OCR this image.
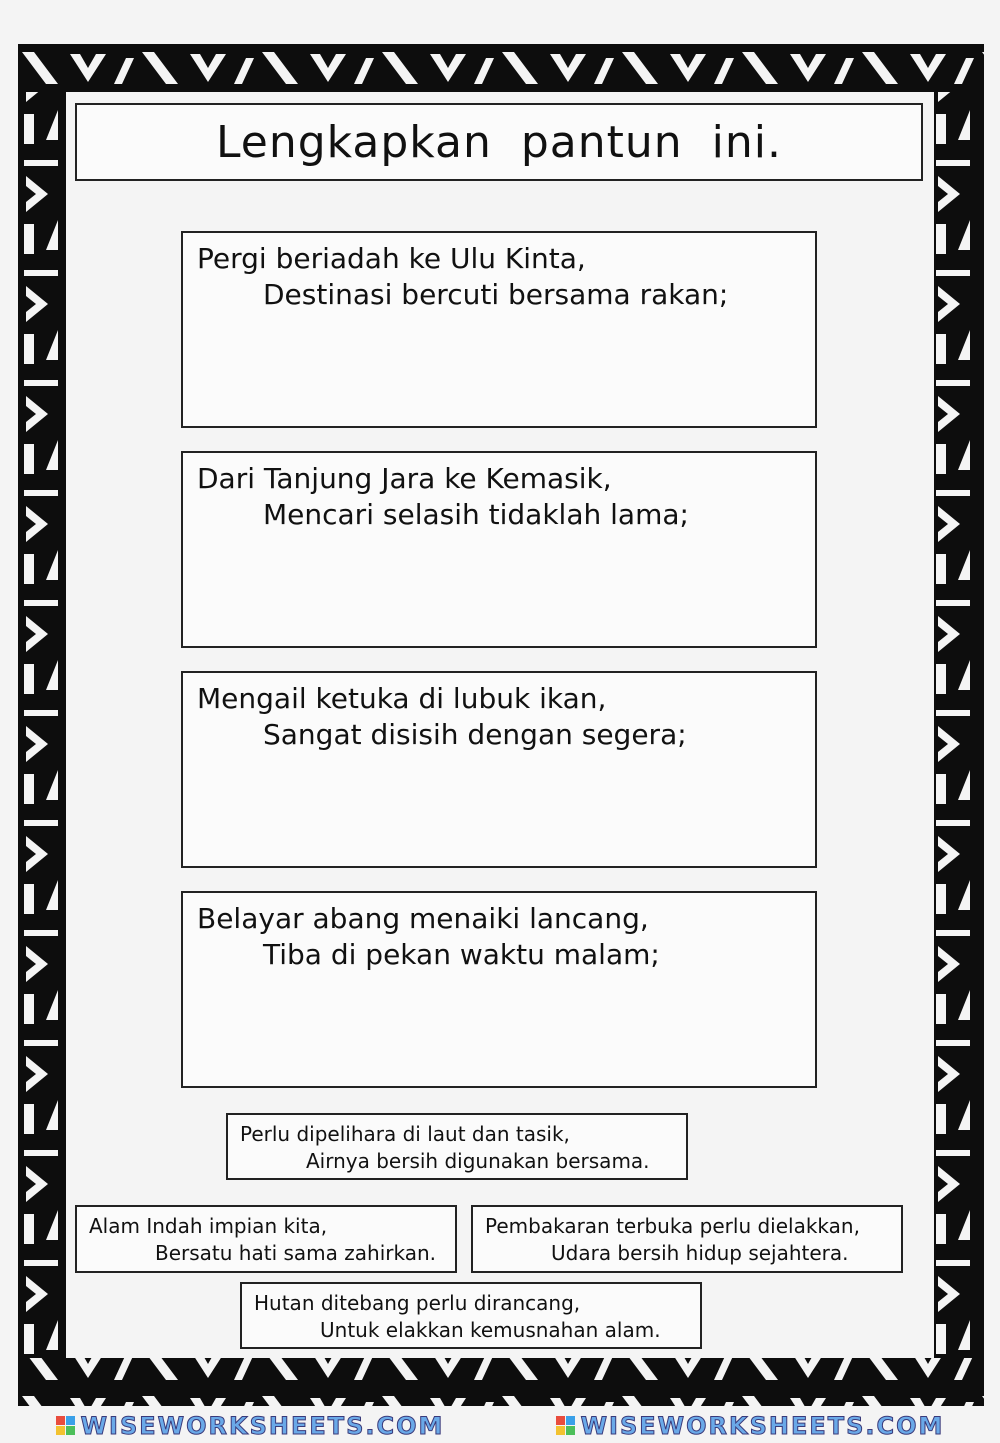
Lengkapkan pantun ini.
Pergi beriadah ke Ulu Kinta,
Destinasi bercuti bersama rakan;
Dari Tanjung Jara ke Kemasik,
Mencari selasih tidaklah lama;
Mengail ketuka di lubuk ikan,
Sangat disisih dengan segera;
Belayar abang menaiki lancang,
Tiba di pekan waktu malam;
Perlu dipelihara di laut dan tasik,
Airnya bersih digunakan bersama.
Alam Indah impian kita,
Bersatu hati sama zahirkan.
Pembakaran terbuka perlu dielakkan,
Udara bersih hidup sejahtera.
Hutan ditebang perlu dirancang,
Untuk elakkan kemusnahan alam.
WISEWORKSHEETS.COM	WISEWORKSHEETS.COM
